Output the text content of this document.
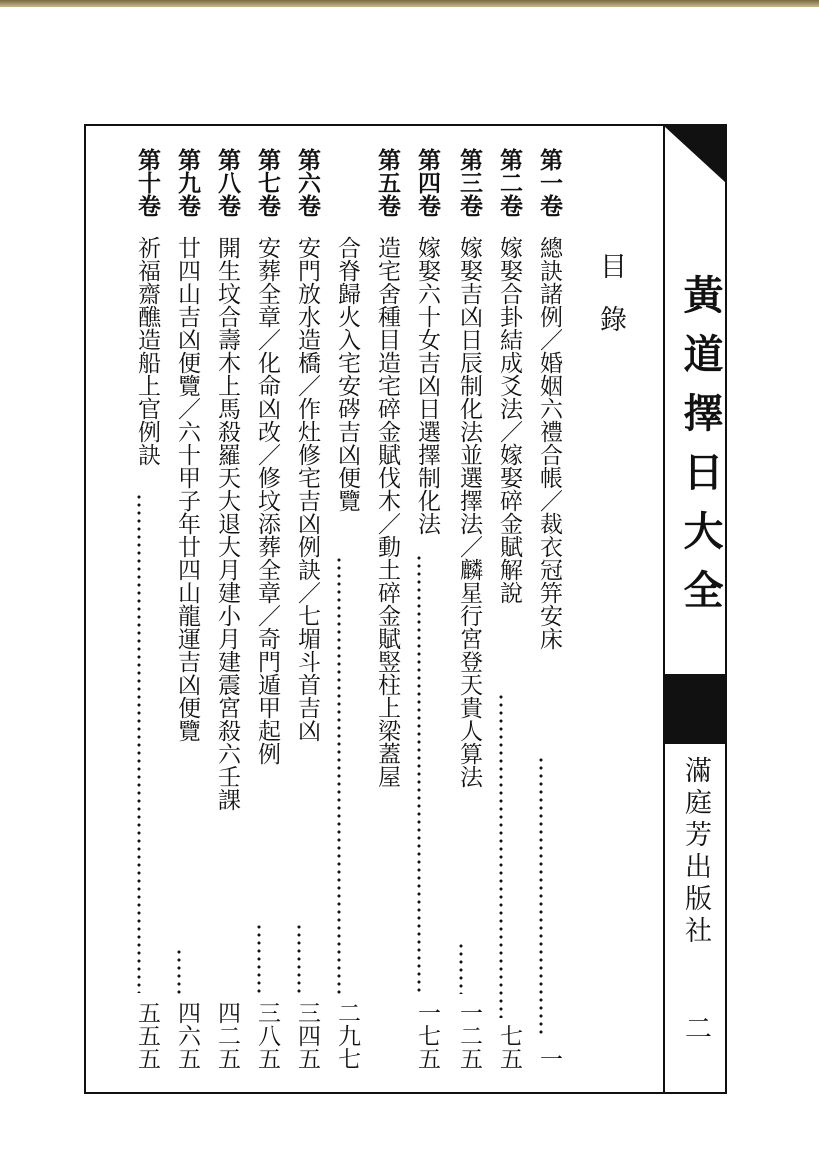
黃道擇日大全
滿庭芳出版社
二
目錄
第一卷
總訣諸例／婚姻六禮合帳／裁衣冠笄安床
一
第二卷
嫁娶合卦結成爻法／嫁娶碎金賦解說
七五
第三卷
嫁娶吉凶日辰制化法並選擇法／麟星行宮登天貴人算法
一二五
第四卷
嫁娶六十女吉凶日選擇制化法
一七五
第五卷
造宅舍種目造宅碎金賦伐木／動土碎金賦竪柱上梁蓋屋
合脊歸火入宅安硶吉凶便覽
二九七
第六卷
安門放水造橋／作灶修宅吉凶例訣／七堳斗首吉凶
三四五
第七卷
安葬全章／化命凶改／修坟添葬全章／奇門遁甲起例
三八五
第八卷
開生坟合壽木上馬殺羅天大退大月建小月建震宮殺六壬課
四二五
第九卷
廿四山吉凶便覽／六十甲子年廿四山龍運吉凶便覽
四六五
第十卷
祈福齋醮造船上官例訣
五五五
